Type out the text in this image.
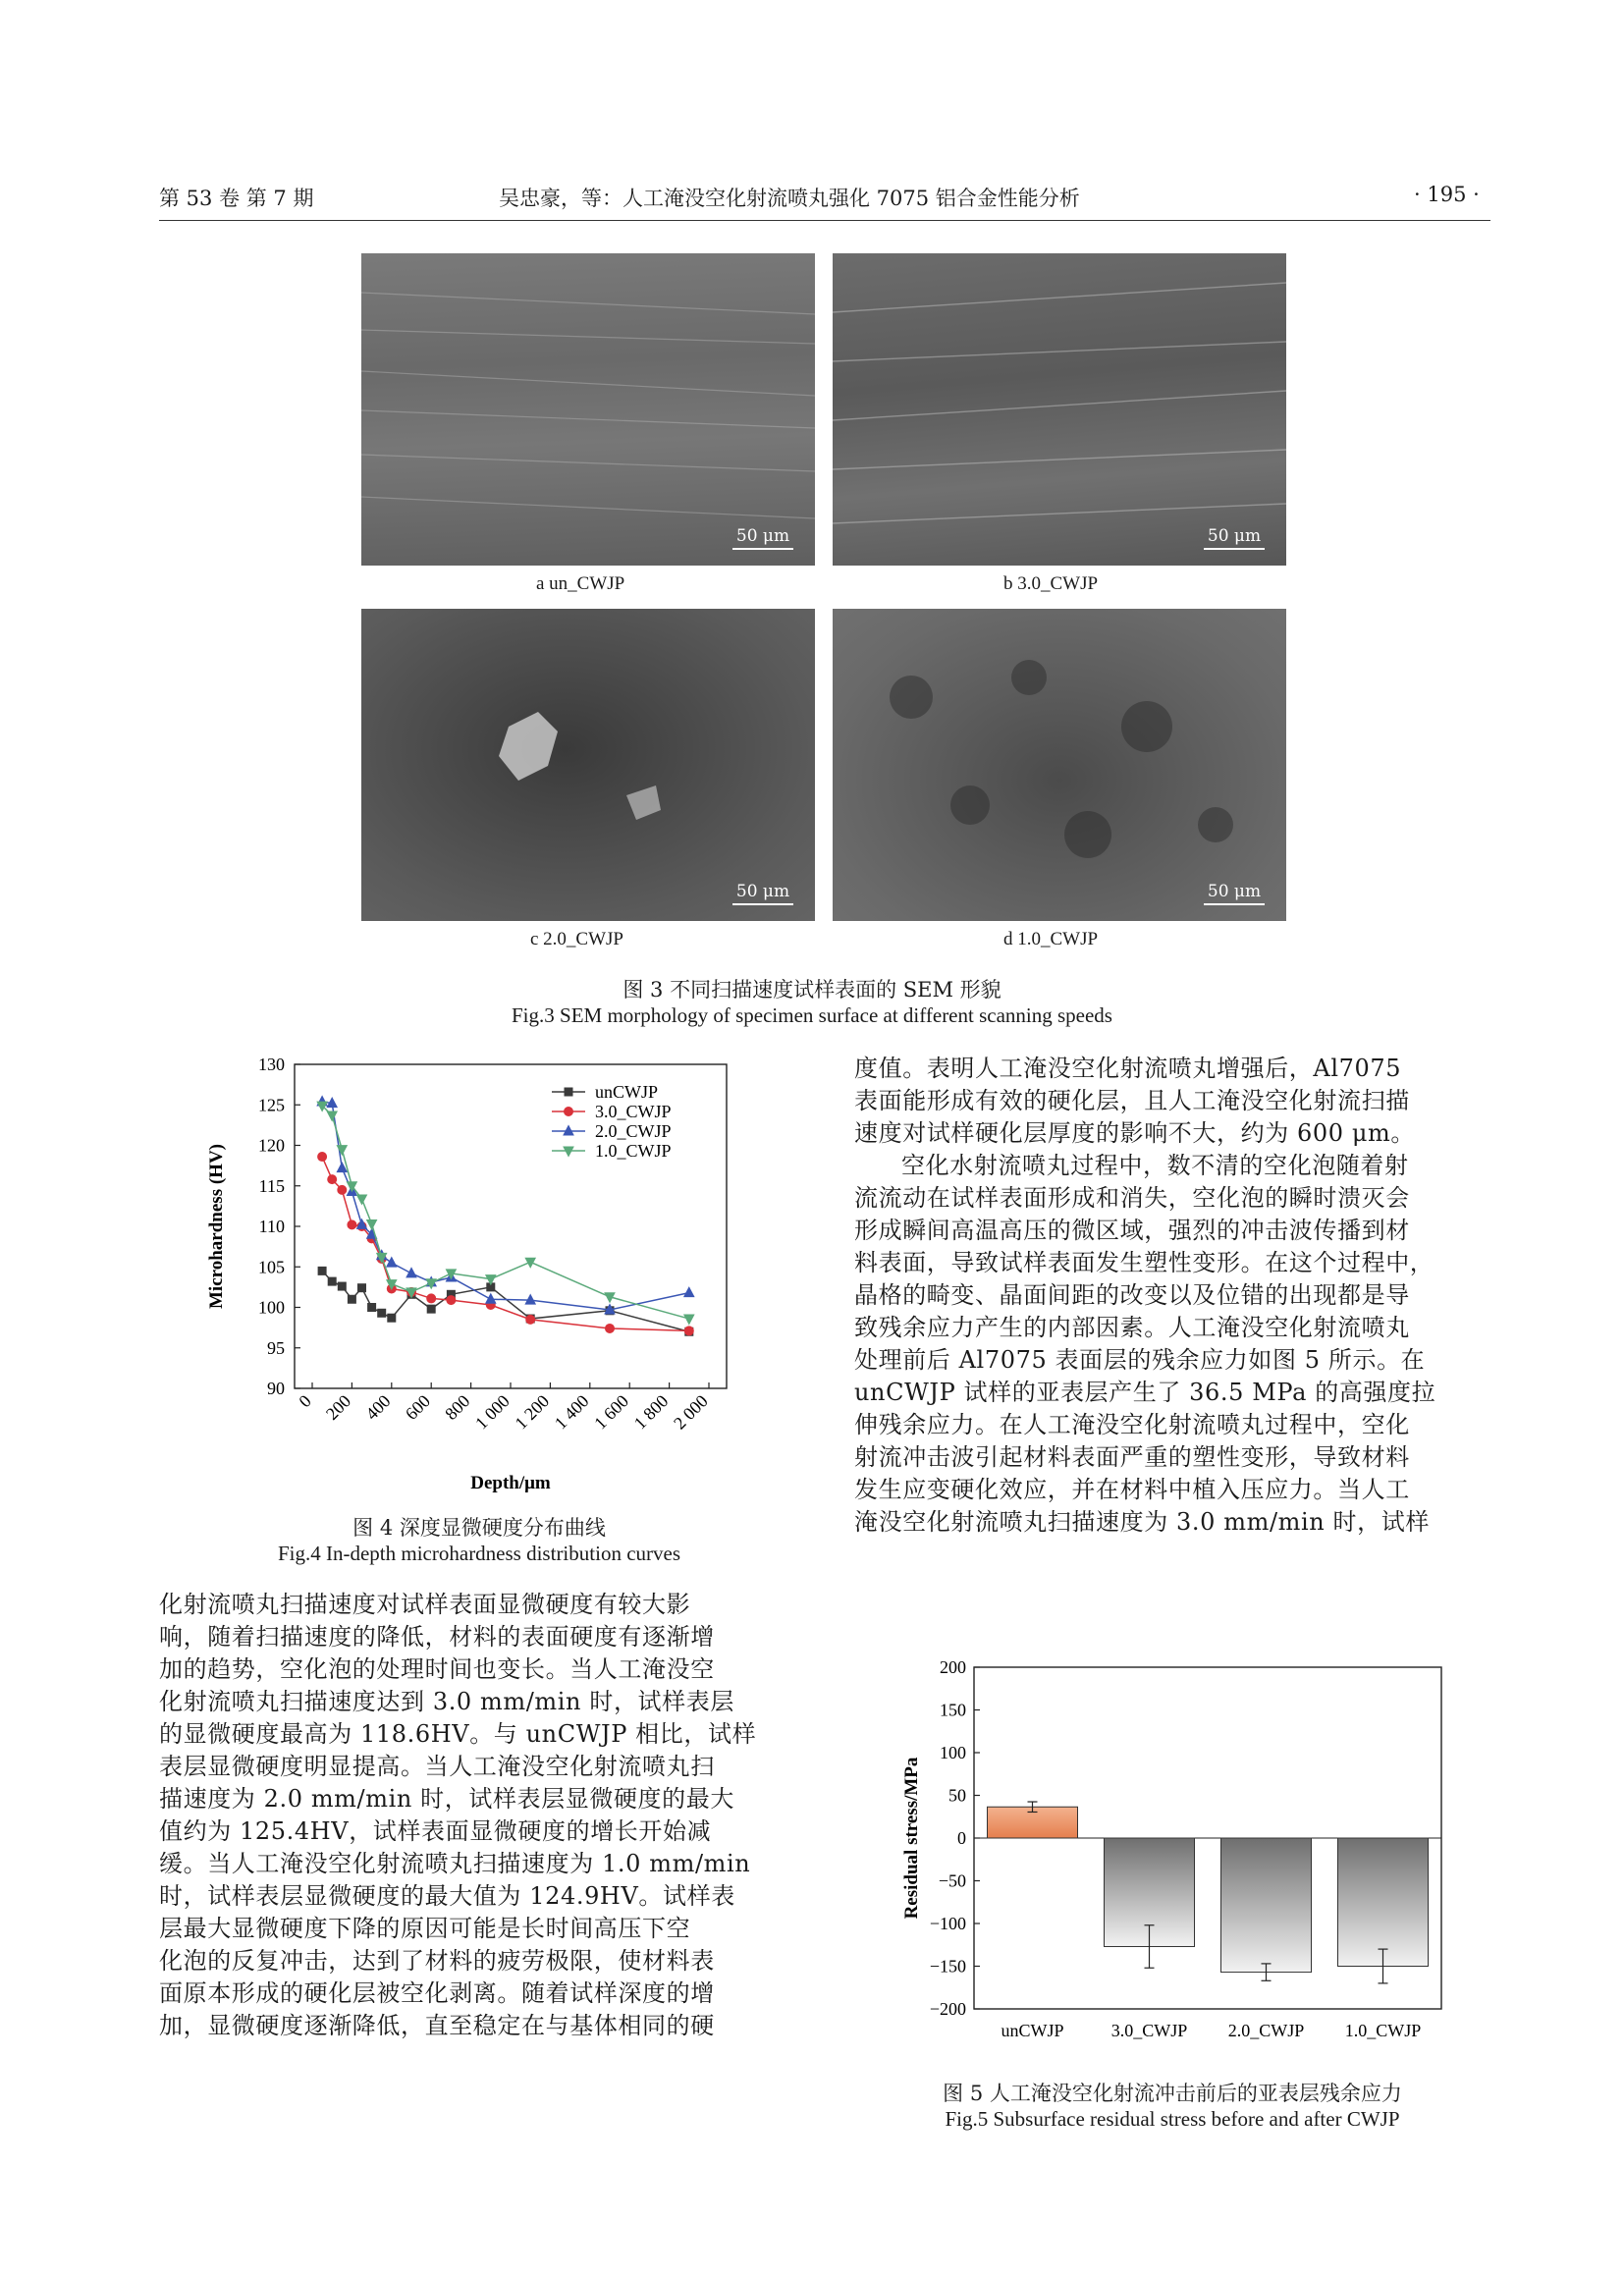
第 53 卷 第 7 期	吴忠豪，等：人工淹没空化射流喷丸强化 7075 铝合金性能分析	· 195 ·
50 μm	50 μm
a un_CWJP	b 3.0_CWJP
50 μm	50 μm
c 2.0_CWJP	d 1.0_CWJP
图 3 不同扫描速度试样表面的 SEM 形貌
Fig.3 SEM morphology of specimen surface at different scanning speeds
90
95
100
105
110
115
120
125
130
0 200 400 600 800
1 000
1 200
1 400
1 600
1 800
2 000
unCWJP
3.0_CWJP
2.0_CWJP
1.0_CWJP
Depth/μm
Microhardness (HV)
图 4 深度显微硬度分布曲线
Fig.4 In-depth microhardness distribution curves
化射流喷丸扫描速度对试样表面显微硬度有较大影
响，随着扫描速度的降低，材料的表面硬度有逐渐增
加的趋势，空化泡的处理时间也变长。当人工淹没空
化射流喷丸扫描速度达到 3.0 mm/min 时，试样表层
的显微硬度最高为 118.6HV。与 unCWJP 相比，试样
表层显微硬度明显提高。当人工淹没空化射流喷丸扫
描速度为 2.0 mm/min 时，试样表层显微硬度的最大
值约为 125.4HV，试样表面显微硬度的增长开始减
缓。当人工淹没空化射流喷丸扫描速度为 1.0 mm/min
时，试样表层显微硬度的最大值为 124.9HV。试样表
层最大显微硬度下降的原因可能是长时间高压下空
化泡的反复冲击，达到了材料的疲劳极限，使材料表
面原本形成的硬化层被空化剥离。随着试样深度的增
加，显微硬度逐渐降低，直至稳定在与基体相同的硬
度值。表明人工淹没空化射流喷丸增强后，Al7075
表面能形成有效的硬化层，且人工淹没空化射流扫描
速度对试样硬化层厚度的影响不大，约为 600 μm。
空化水射流喷丸过程中，数不清的空化泡随着射
流流动在试样表面形成和消失，空化泡的瞬时溃灭会
形成瞬间高温高压的微区域，强烈的冲击波传播到材
料表面，导致试样表面发生塑性变形。在这个过程中，
晶格的畸变、晶面间距的改变以及位错的出现都是导
致残余应力产生的内部因素。人工淹没空化射流喷丸
处理前后 Al7075 表面层的残余应力如图 5 所示。在
unCWJP 试样的亚表层产生了 36.5 MPa 的高强度拉
伸残余应力。在人工淹没空化射流喷丸过程中，空化
射流冲击波引起材料表面严重的塑性变形，导致材料
发生应变硬化效应，并在材料中植入压应力。当人工
淹没空化射流喷丸扫描速度为 3.0 mm/min 时，试样
200
150
100
50
0
−50
−100
−150
−200
unCWJP	3.0_CWJP 2.0_CWJP 1.0_CWJP
Residual stress/MPa
图 5 人工淹没空化射流冲击前后的亚表层残余应力
Fig.5 Subsurface residual stress before and after CWJP
